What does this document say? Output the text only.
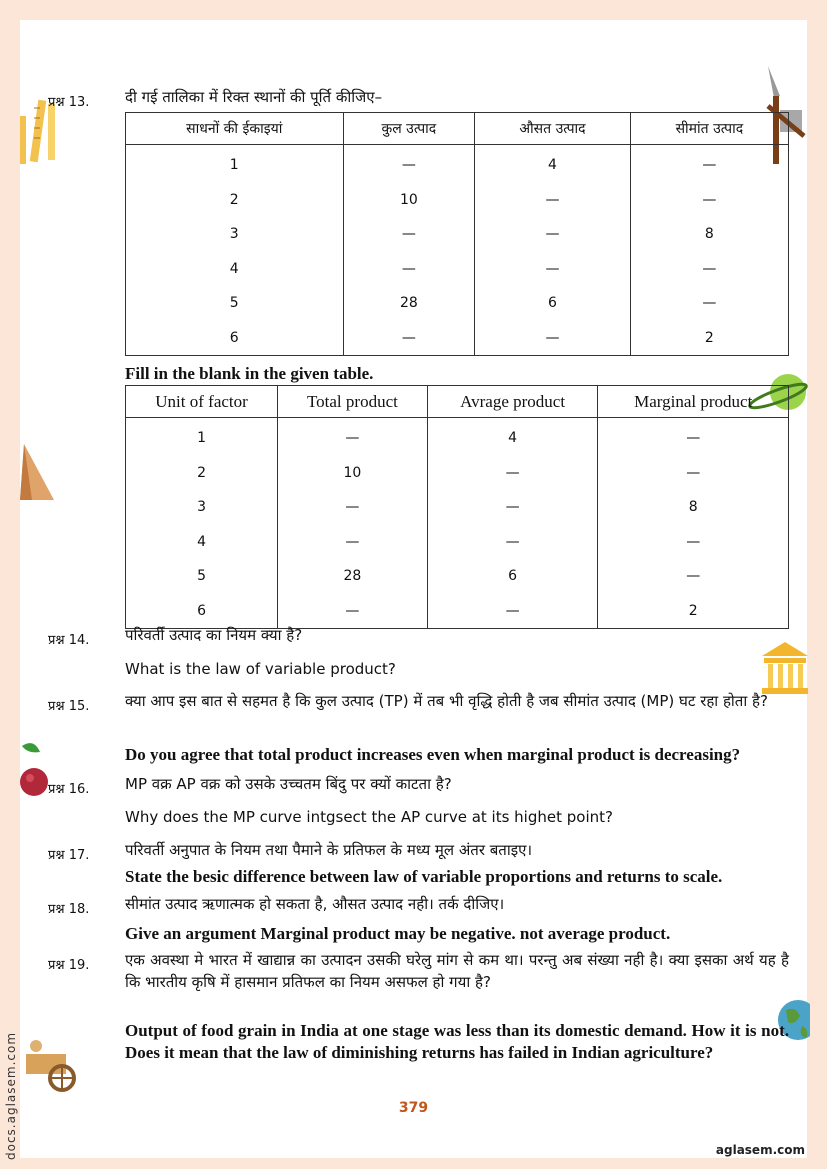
प्रश्न 13. दी गई तालिका में रिक्त स्थानों की पूर्ति कीजिए–
साधनों की ईकाइयां	कुल उत्पाद	औसत उत्पाद	सीमांत उत्पाद
1	—	4	—
2	10	—	—
3	—	—	8
4	—	—	—
5	28	6	—
6	—	—	2
Fill in the blank in the given table.
Unit of factor	Total product	Avrage product	Marginal product
1	—	4	—
2	10	—	—
3	—	—	8
4	—	—	—
5	28	6	—
6	—	—	2
प्रश्न 14. परिवर्ती उत्पाद का नियम क्या है?
What is the law of variable product?
प्रश्न 15. क्या आप इस बात से सहमत है कि कुल उत्पाद (TP) में तब भी वृद्धि होती है जब सीमांत उत्पाद (MP) घट रहा होता है?
Do you agree that total product increases even when marginal product is decreasing?
प्रश्न 16. MP वक्र AP वक्र को उसके उच्चतम बिंदु पर क्यों काटता है?
Why does the MP curve intgsect the AP curve at its highet point?
प्रश्न 17. परिवर्ती अनुपात के नियम तथा पैमाने के प्रतिफल के मध्य मूल अंतर बताइए।
State the besic difference between law of variable proportions and returns to scale.
प्रश्न 18. सीमांत उत्पाद ऋणात्मक हो सकता है, औसत उत्पाद नही। तर्क दीजिए।
Give an argument Marginal product may be negative. not average product.
प्रश्न 19. एक अवस्था मे भारत में खाद्यान्न का उत्पादन उसकी घरेलु मांग से कम था। परन्तु अब संख्या नही है। क्या इसका अर्थ यह है कि भारतीय कृषि में हासमान प्रतिफल का नियम असफल हो गया है?
Output of food grain in India at one stage was less than its domestic demand. How it is not. Does it mean that the law of diminishing returns has failed in Indian agriculture?
379
aglasem.com
docs.aglasem.com
